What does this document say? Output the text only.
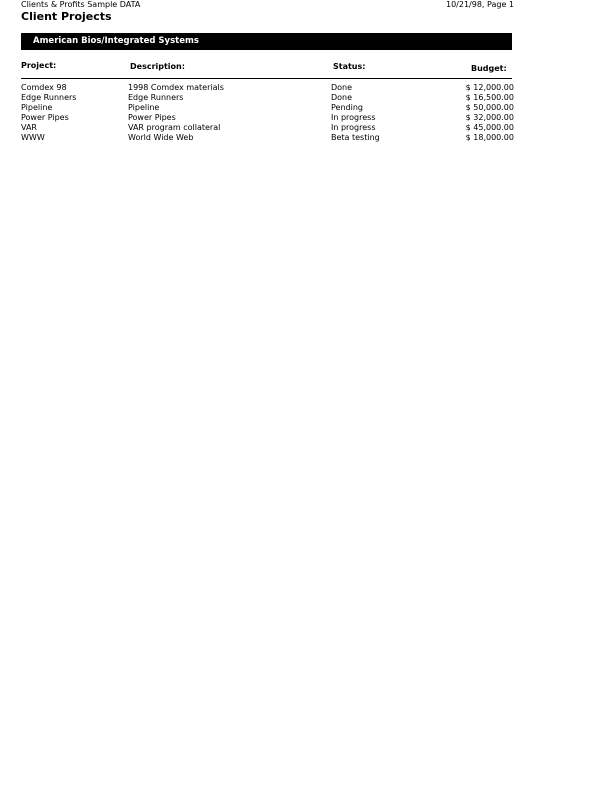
Clients & Profits Sample DATA
Client Projects
10/21/98, Page 1
American Bios/Integrated Systems
Project:	Description:	Status:	Budget:
Comdex 98	1998 Comdex materials	Done	$ 12,000.00
Edge Runners	Edge Runners	Done	$ 16,500.00
Pipeline	Pipeline	Pending	$ 50,000.00
Power Pipes	Power Pipes	In progress	$ 32,000.00
VAR	VAR program collateral	In progress	$ 45,000.00
WWW	World Wide Web	Beta testing	$ 18,000.00
